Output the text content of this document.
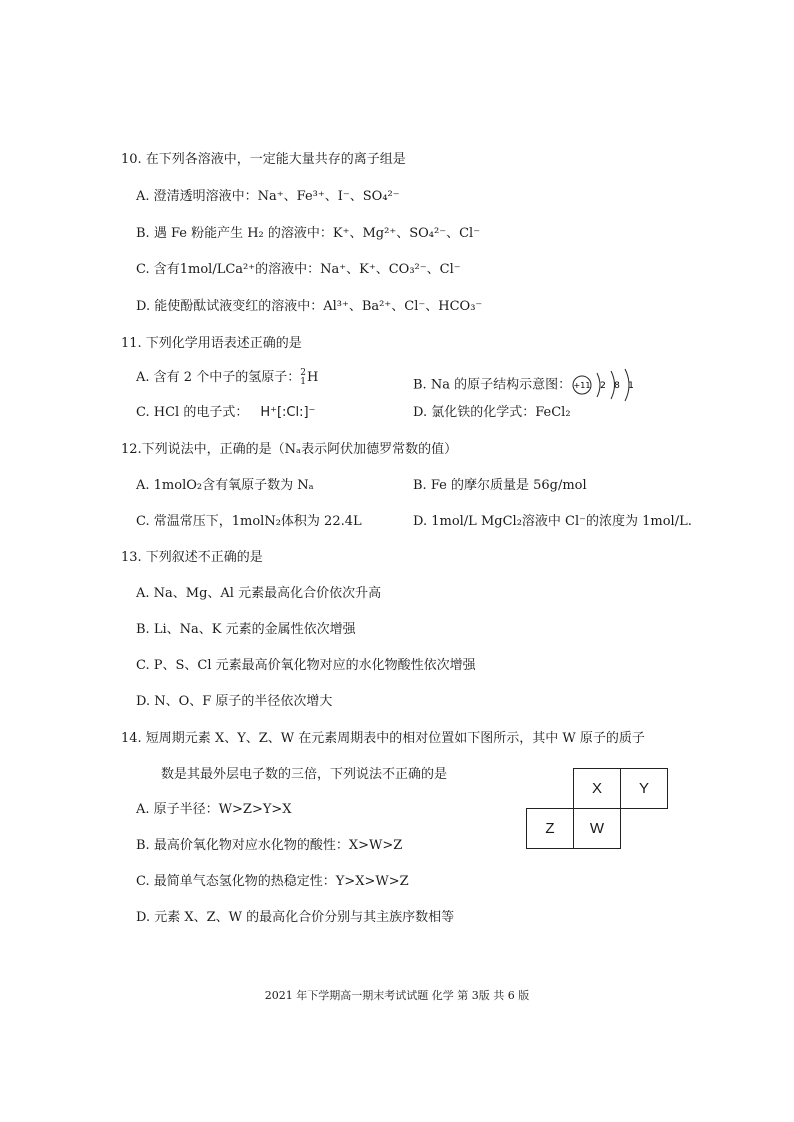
10. 在下列各溶液中，一定能大量共存的离子组是
A. 澄清透明溶液中：Na⁺、Fe³⁺、I⁻、SO₄²⁻
B. 遇 Fe 粉能产生 H₂ 的溶液中：K⁺、Mg²⁺、SO₄²⁻、Cl⁻
C. 含有1mol/LCa²⁺的溶液中：Na⁺、K⁺、CO₃²⁻、Cl⁻
D. 能使酚酞试液变红的溶液中：Al³⁺、Ba²⁺、Cl⁻、HCO₃⁻
11. 下列化学用语表述正确的是
A. 含有 2 个中子的氢原子：2
1H	B. Na 的原子结构示意图： +11 2 8 1
C. HCl 的电子式： H⁺[:Cl:]⁻	D. 氯化铁的化学式：FeCl₂
12.下列说法中，正确的是（Nₐ表示阿伏加德罗常数的值）
A. 1molO₂含有氧原子数为 Nₐ	B. Fe 的摩尔质量是 56g/mol
C. 常温常压下，1molN₂体积为 22.4L	D. 1mol/L MgCl₂溶液中 Cl⁻的浓度为 1mol/L.
13. 下列叙述不正确的是
A. Na、Mg、Al 元素最高化合价依次升高
B. Li、Na、K 元素的金属性依次增强
C. P、S、Cl 元素最高价氧化物对应的水化物酸性依次增强
D. N、O、F 原子的半径依次增大
14. 短周期元素 X、Y、Z、W 在元素周期表中的相对位置如下图所示，其中 W 原子的质子
数是其最外层电子数的三倍，下列说法不正确的是
A. 原子半径：W>Z>Y>X
B. 最高价氧化物对应水化物的酸性：X>W>Z
C. 最简单气态氢化物的热稳定性：Y>X>W>Z
D. 元素 X、Z、W 的最高化合价分别与其主族序数相等
	X	Y
Z	W	
2021 年下学期高一期末考试试题 化学 第 3版 共 6 版
